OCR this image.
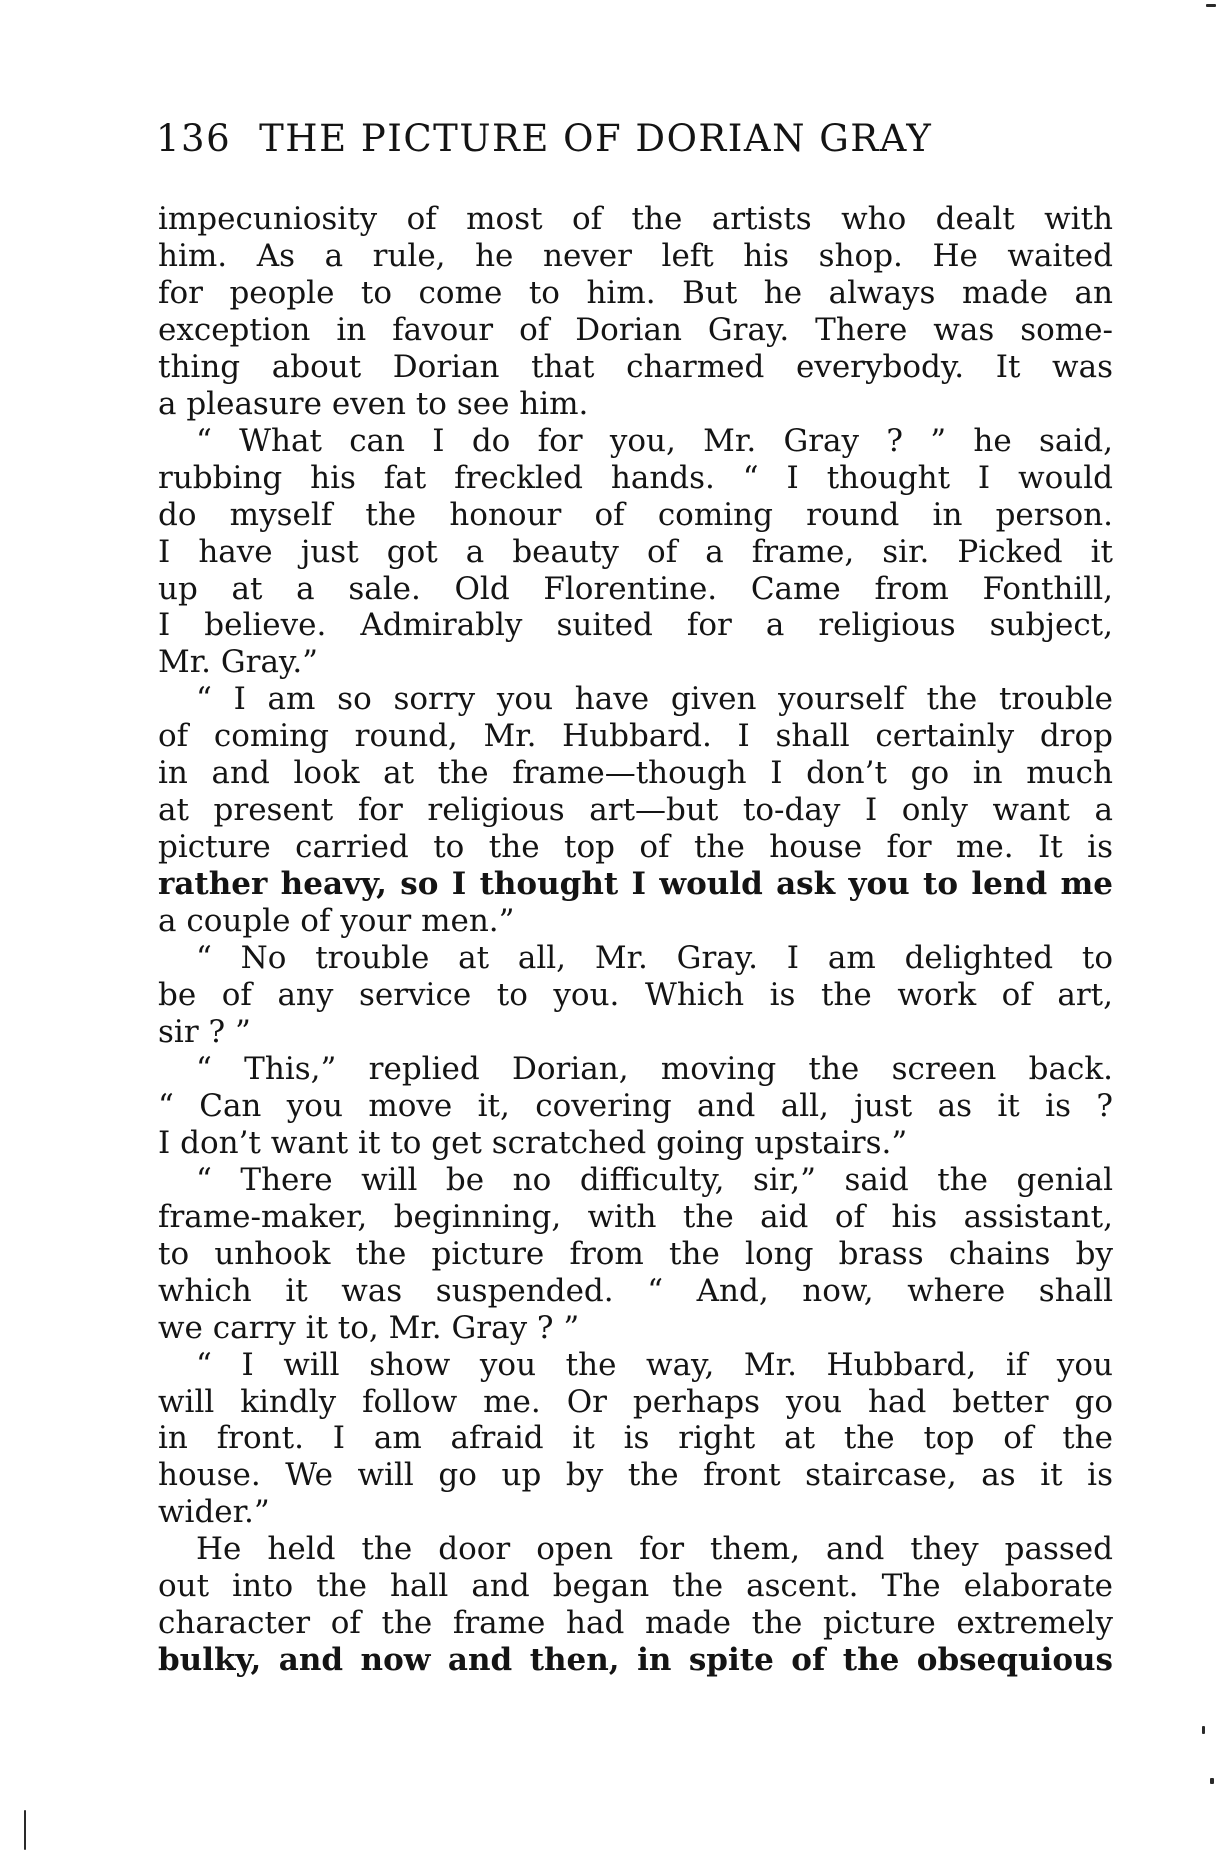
136 THE PICTURE OF DORIAN GRAY
impecuniosity of most of the artists who dealt with
him. As a rule, he never left his shop. He waited
for people to come to him. But he always made an
exception in favour of Dorian Gray. There was some-
thing about Dorian that charmed everybody. It was
a pleasure even to see him.
“ What can I do for you, Mr. Gray ? ” he said,
rubbing his fat freckled hands. “ I thought I would
do myself the honour of coming round in person.
I have just got a beauty of a frame, sir. Picked it
up at a sale. Old Florentine. Came from Fonthill,
I believe. Admirably suited for a religious subject,
Mr. Gray.”
“ I am so sorry you have given yourself the trouble
of coming round, Mr. Hubbard. I shall certainly drop
in and look at the frame—though I don’t go in much
at present for religious art—but to-day I only want a
picture carried to the top of the house for me. It is
rather heavy, so I thought I would ask you to lend me
a couple of your men.”
“ No trouble at all, Mr. Gray. I am delighted to
be of any service to you. Which is the work of art,
sir ? ”
“ This,” replied Dorian, moving the screen back.
“ Can you move it, covering and all, just as it is ?
I don’t want it to get scratched going upstairs.”
“ There will be no difficulty, sir,” said the genial
frame-maker, beginning, with the aid of his assistant,
to unhook the picture from the long brass chains by
which it was suspended. “ And, now, where shall
we carry it to, Mr. Gray ? ”
“ I will show you the way, Mr. Hubbard, if you
will kindly follow me. Or perhaps you had better go
in front. I am afraid it is right at the top of the
house. We will go up by the front staircase, as it is
wider.”
He held the door open for them, and they passed
out into the hall and began the ascent. The elaborate
character of the frame had made the picture extremely
bulky, and now and then, in spite of the obsequious
